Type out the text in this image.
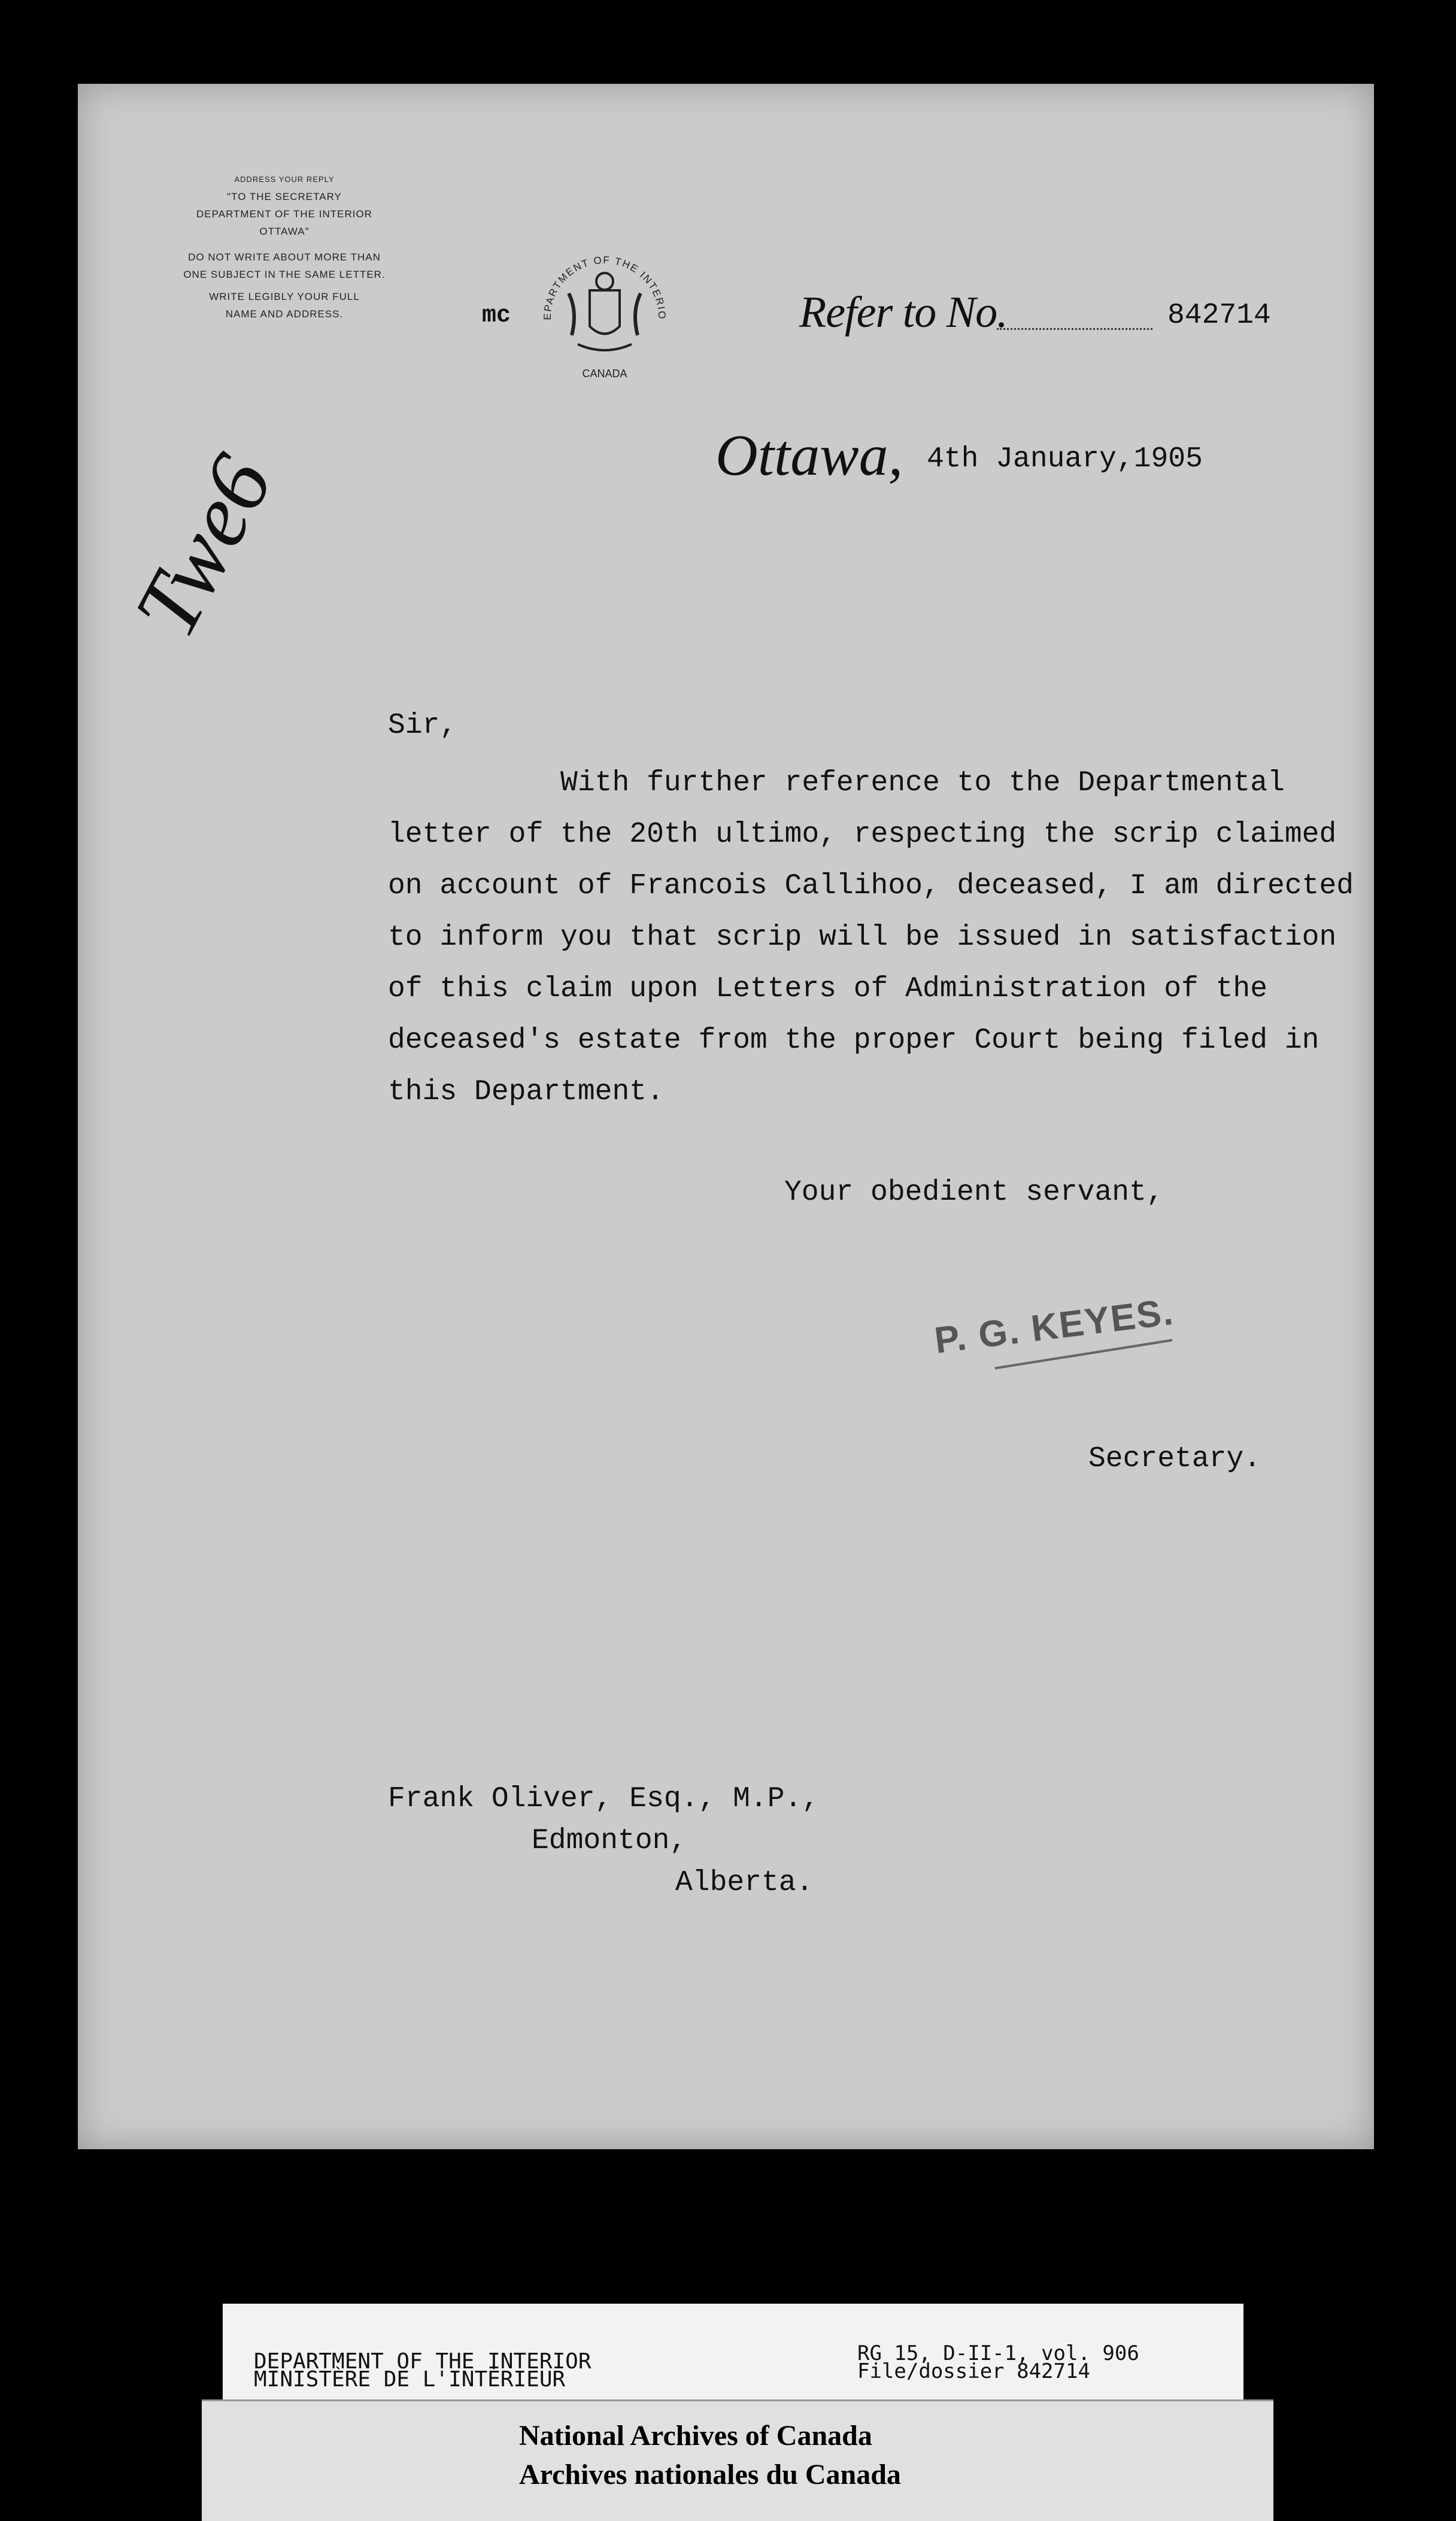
ADDRESS YOUR REPLY
"TO THE SECRETARY
DEPARTMENT OF THE INTERIOR
OTTAWA"
DO NOT WRITE ABOUT MORE THAN
ONE SUBJECT IN THE SAME LETTER.
WRITE LEGIBLY YOUR FULL
NAME AND ADDRESS.	EPARTMENT OF THE INTERIO
CANADA
mc	Refer to No.	842714
Ottawa, 4th January,1905
Twe6
Sir,
With further reference to the Departmental
letter of the 20th ultimo, respecting the scrip claimed
on account of Francois Callihoo, deceased, I am directed
to inform you that scrip will be issued in satisfaction
of this claim upon Letters of Administration of the
deceased's estate from the proper Court being filed in
this Department.
Your obedient servant,
P. G. KEYES.
Secretary.
Frank Oliver, Esq., M.P.,
Edmonton,
Alberta.
DEPARTMENT OF THE INTERIOR
MINISTÈRE DE L'INTÉRIEUR
RG 15, D-II-1, vol. 906
File/dossier 842714
National Archives of Canada
Archives nationales du Canada
